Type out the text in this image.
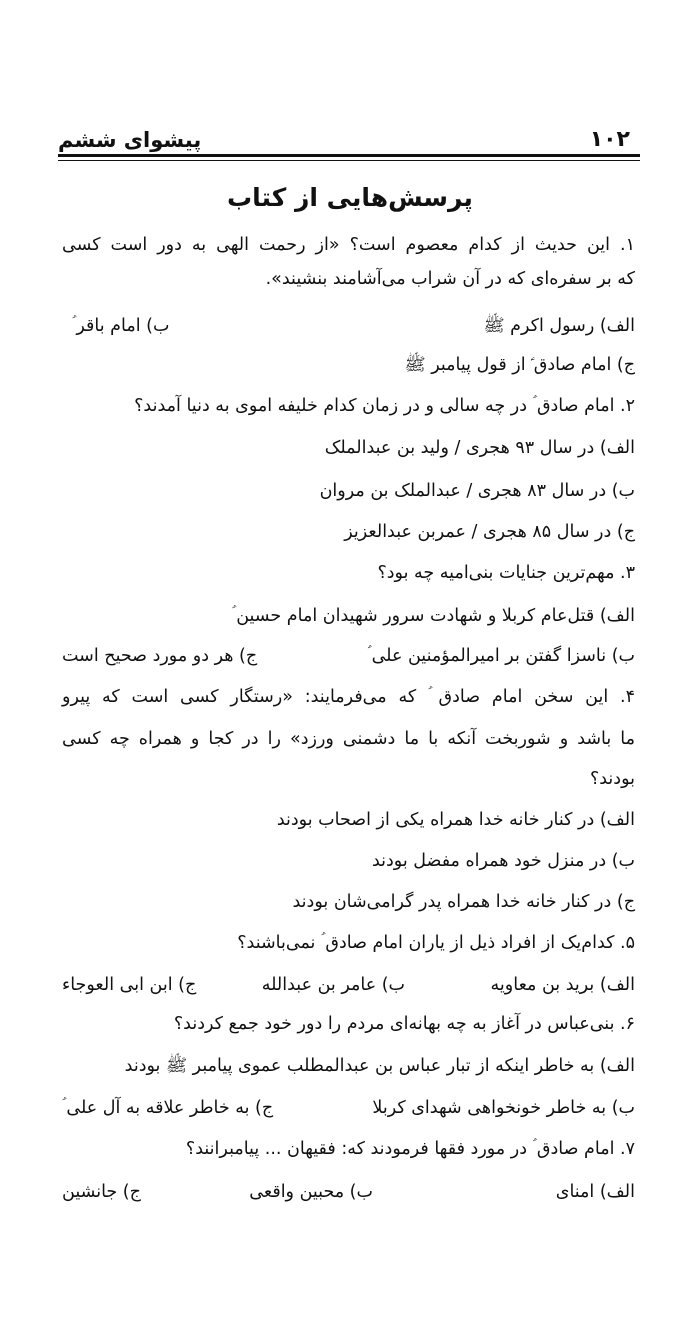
۱۰۲
پیشوای ششم
پرسش‌هایی از کتاب
۱. این حدیث از کدام معصوم است؟ «از رحمت الهی به دور است کسی
که بر سفره‌ای که در آن شراب می‌آشامند بنشیند».
الف) رسول اکرم ﷺ
ب) امام باقر ؑ
ج) امام صادق ؑ از قول پیامبر ﷺ
۲. امام صادق ؑ در چه سالی و در زمان کدام خلیفه اموی به دنیا آمدند؟
الف) در سال ۹۳ هجری / ولید بن عبدالملک
ب) در سال ۸۳ هجری / عبدالملک بن مروان
ج) در سال ۸۵ هجری / عمربن عبدالعزیز
۳. مهم‌ترین جنایات بنی‌امیه چه بود؟
الف) قتل‌عام کربلا و شهادت سرور شهیدان امام حسین ؑ
ب) ناسزا گفتن بر امیرالمؤمنین علی ؑ
ج) هر دو مورد صحیح است
۴. این سخن امام صادق ؑ که می‌فرمایند: «رستگار کسی است که پیرو
ما باشد و شوربخت آنکه با ما دشمنی ورزد» را در کجا و همراه چه کسی
بودند؟
الف) در کنار خانه خدا همراه یکی از اصحاب بودند
ب) در منزل خود همراه مفضل بودند
ج) در کنار خانه خدا همراه پدر گرامی‌شان بودند
۵. کدام‌یک از افراد ذیل از یاران امام صادق ؑ نمی‌باشند؟
الف) برید بن معاویه
ب) عامر بن عبدالله
ج) ابن ابی العوجاء
۶. بنی‌عباس در آغاز به چه بهانه‌ای مردم را دور خود جمع کردند؟
الف) به خاطر اینکه از تبار عباس بن عبدالمطلب عموی پیامبر ﷺ بودند
ب) به خاطر خونخواهی شهدای کربلا
ج) به خاطر علاقه به آل علی ؑ
۷. امام صادق ؑ در مورد فقها فرمودند که: فقیهان ... پیامبرانند؟
الف) امنای
ب) محبین واقعی
ج) جانشین
